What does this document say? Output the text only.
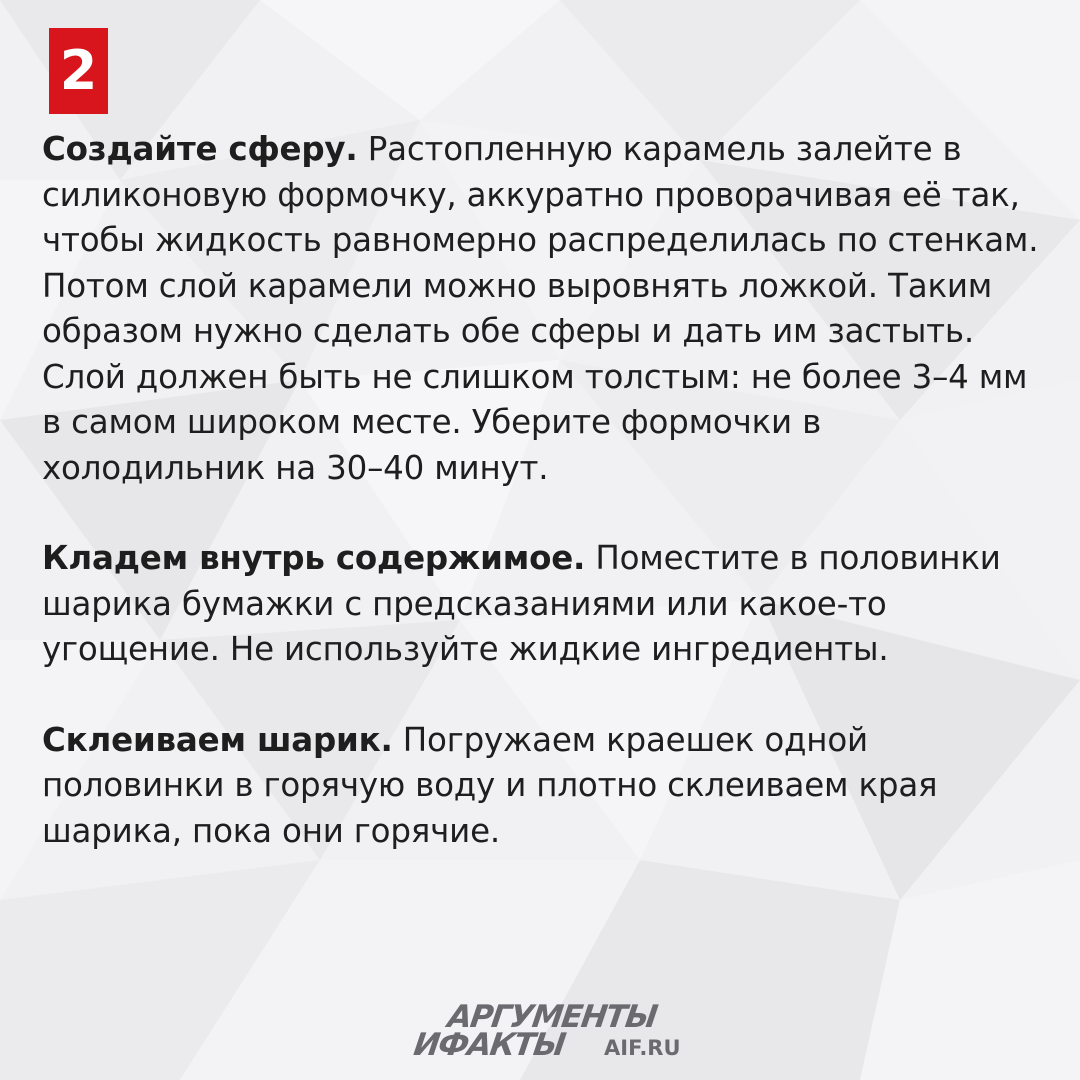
2

Создайте сферу. Растопленную карамель залейте в силиконовую формочку, аккуратно проворачивая её так, чтобы жидкость равномерно распределилась по стенкам. Потом слой карамели можно выровнять ложкой. Таким образом нужно сделать обе сферы и дать им застыть. Слой должен быть не слишком толстым: не более 3–4 мм в самом широком месте. Уберите формочки в холодильник на 30–40 минут.

Кладем внутрь содержимое. Поместите в половинки шарика бумажки с предсказаниями или какое-то угощение. Не используйте жидкие ингредиенты.

Склеиваем шарик. Погружаем краешек одной половинки в горячую воду и плотно склеиваем края шарика, пока они горячие.

АРГУМЕНТЫ
ИФАКТЫ AIF.RU
